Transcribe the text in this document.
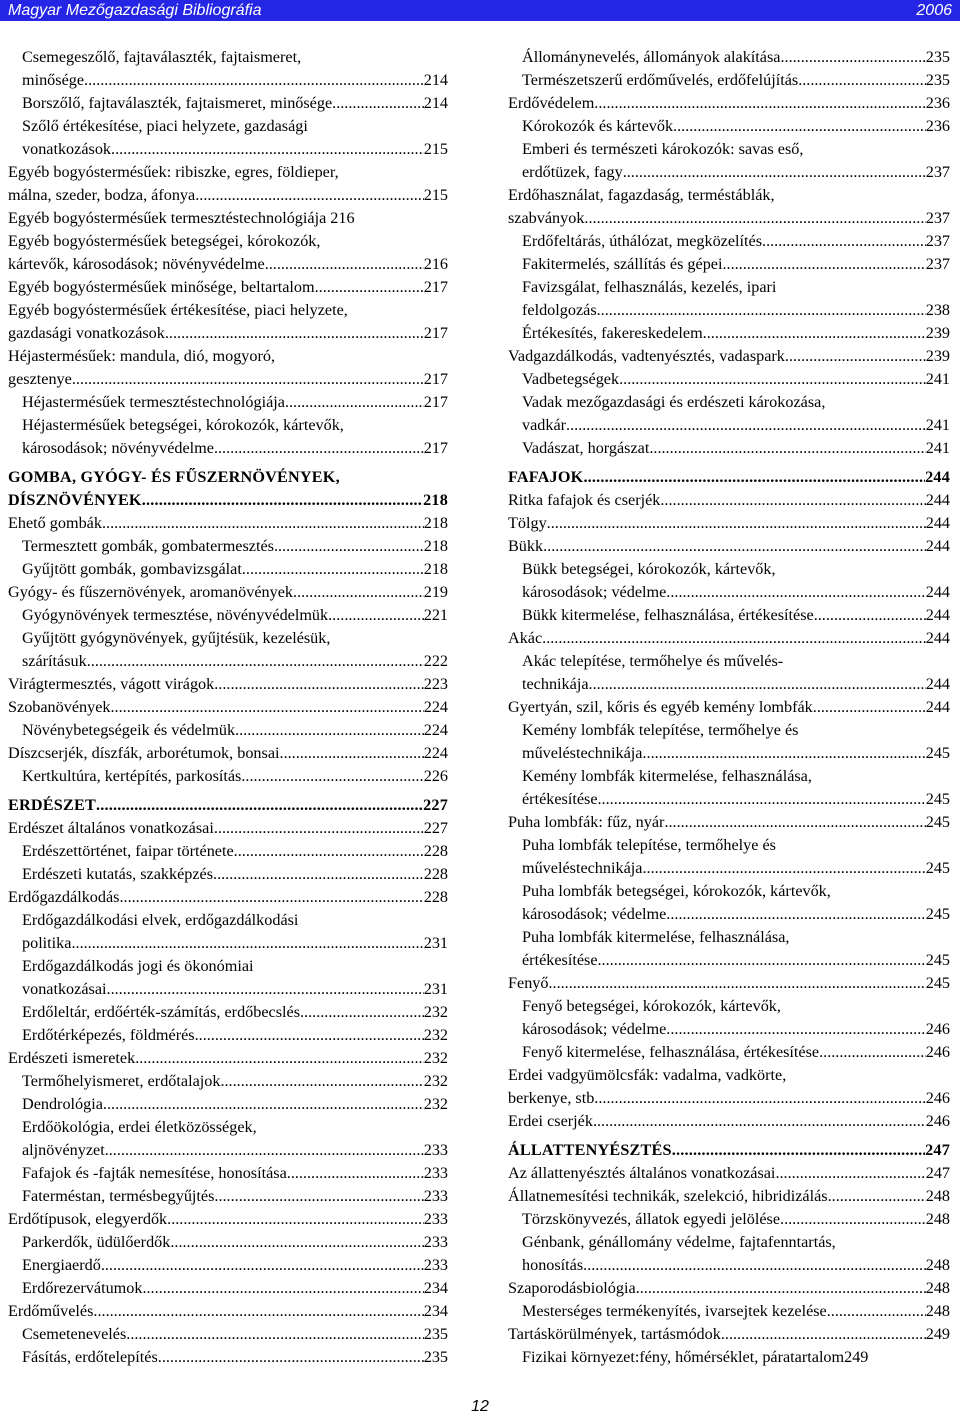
Magyar Mezőgazdasági Bibliográfia	2006
Csemegeszőlő, fajtaválaszték, fajtaismeret,
minősége .....	214
Borszőlő, fajtaválaszték, fajtaismeret, minősége. .....	214
Szőlő értékesítése, piaci helyzete, gazdasági
vonatkozások .....	215
Egyéb bogyóstermésűek: ribiszke, egres, földieper,
málna, szeder, bodza, áfonya .....	215
Egyéb bogyóstermésűek termesztéstechnológiája 216
Egyéb bogyóstermésűek betegségei, kórokozók,
kártevők, károsodások; növényvédelme .....	216
Egyéb bogyóstermésűek minősége, beltartalom .....	217
Egyéb bogyóstermésűek értékesítése, piaci helyzete,
gazdasági vonatkozások .....	217
Héjastermésűek: mandula, dió, mogyoró,
gesztenye .....	217
Héjastermésűek termesztéstechnológiája .....	217
Héjastermésűek betegségei, kórokozók, kártevők,
károsodások; növényvédelme .....	217
GOMBA, GYÓGY- ÉS FŰSZERNÖVÉNYEK,
DÍSZNÖVÉNYEK .....	218
Ehető gombák .....	218
Termesztett gombák, gombatermesztés .....	218
Gyűjtött gombák, gombavizsgálat .....	218
Gyógy- és fűszernövények, aromanövények .....	219
Gyógynövények termesztése, növényvédelmük .....	221
Gyűjtött gyógynövények, gyűjtésük, kezelésük,
szárításuk .....	222
Virágtermesztés, vágott virágok .....	223
Szobanövények .....	224
Növénybetegségeik és védelmük .....	224
Díszcserjék, díszfák, arborétumok, bonsai .....	224
Kertkultúra, kertépítés, parkosítás .....	226
ERDÉSZET .....	227
Erdészet általános vonatkozásai .....	227
Erdészettörténet, faipar története .....	228
Erdészeti kutatás, szakképzés .....	228
Erdőgazdálkodás .....	228
Erdőgazdálkodási elvek, erdőgazdálkodási
politika .....	231
Erdőgazdálkodás jogi és ökonómiai
vonatkozásai .....	231
Erdőleltár, erdőérték-számítás, erdőbecslés .....	232
Erdőtérképezés, földmérés .....	232
Erdészeti ismeretek .....	232
Termőhelyismeret, erdőtalajok .....	232
Dendrológia .....	232
Erdőökológia, erdei életközösségek,
aljnövényzet .....	233
Fafajok és -fajták nemesítése, honosítása .....	233
Faterméstan, termésbegyűjtés .....	233
Erdőtípusok, elegyerdők .....	233
Parkerdők, üdülőerdők .....	233
Energiaerdő .....	233
Erdőrezervátumok .....	234
Erdőművelés .....	234
Csemetenevelés .....	235
Fásítás, erdőtelepítés .....	235
Állománynevelés, állományok alakítása .....	235
Természetszerű erdőművelés, erdőfelújítás .....	235
Erdővédelem .....	236
Kórokozók és kártevők .....	236
Emberi és természeti károkozók: savas eső,
erdőtüzek, fagy .....	237
Erdőhasználat, fagazdaság, terméstáblák,
szabványok .....	237
Erdőfeltárás, úthálózat, megközelítés .....	237
Fakitermelés, szállítás és gépei .....	237
Favizsgálat, felhasználás, kezelés, ipari
feldolgozás .....	238
Értékesítés, fakereskedelem .....	239
Vadgazdálkodás, vadtenyésztés, vadaspark .....	239
Vadbetegségek .....	241
Vadak mezőgazdasági és erdészeti károkozása,
vadkár .....	241
Vadászat, horgászat .....	241
FAFAJOK .....	244
Ritka fafajok és cserjék .....	244
Tölgy .....	244
Bükk .....	244
Bükk betegségei, kórokozók, kártevők,
károsodások; védelme .....	244
Bükk kitermelése, felhasználása, értékesítése .....	244
Akác .....	244
Akác telepítése, termőhelye és művelés-
technikája .....	244
Gyertyán, szil, kőris és egyéb kemény lombfák .....	244
Kemény lombfák telepítése, termőhelye és
műveléstechnikája .....	245
Kemény lombfák kitermelése, felhasználása,
értékesítése .....	245
Puha lombfák: fűz, nyár .....	245
Puha lombfák telepítése, termőhelye és
műveléstechnikája .....	245
Puha lombfák betegségei, kórokozók, kártevők,
károsodások; védelme .....	245
Puha lombfák kitermelése, felhasználása,
értékesítése .....	245
Fenyő .....	245
Fenyő betegségei, kórokozók, kártevők,
károsodások; védelme .....	246
Fenyő kitermelése, felhasználása, értékesítése .....	246
Erdei vadgyümölcsfák: vadalma, vadkörte,
berkenye, stb. .....	246
Erdei cserjék .....	246
ÁLLATTENYÉSZTÉS .....	247
Az állattenyésztés általános vonatkozásai .....	247
Állatnemesítési technikák, szelekció, hibridizálás .....	248
Törzskönyvezés, állatok egyedi jelölése .....	248
Génbank, génállomány védelme, fajtafenntartás,
honosítás .....	248
Szaporodásbiológia .....	248
Mesterséges termékenyítés, ivarsejtek kezelése .....	248
Tartáskörülmények, tartásmódok .....	249
Fizikai környezet:fény, hőmérséklet, páratartalom249
12
